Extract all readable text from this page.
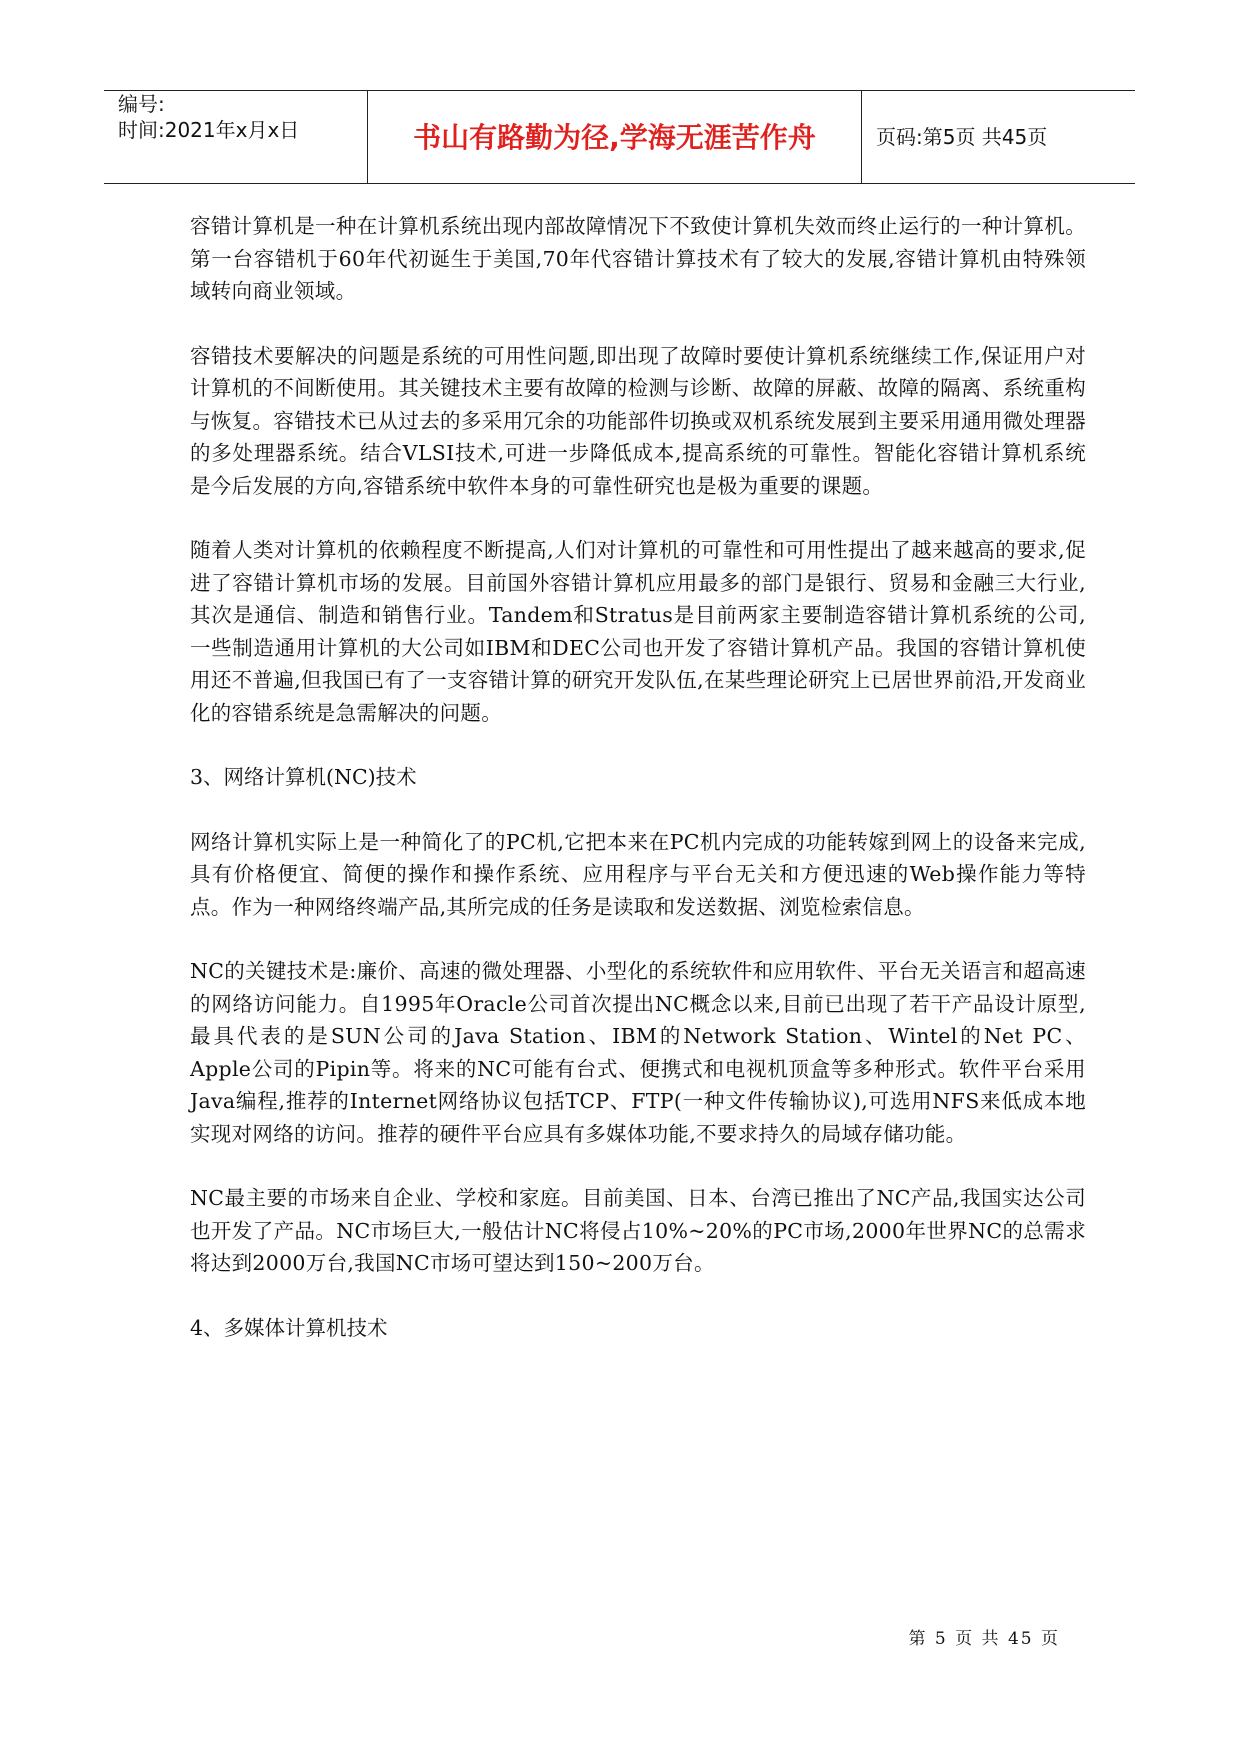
编号:
时间:2021年x月x日	书山有路勤为径,学海无涯苦作舟	页码:第5页 共45页

容错计算机是一种在计算机系统出现内部故障情况下不致使计算机失效而终止运行的一种计算机。第一台容错机于60年代初诞生于美国,70年代容错计算技术有了较大的发展,容错计算机由特殊领域转向商业领域。

容错技术要解决的问题是系统的可用性问题,即出现了故障时要使计算机系统继续工作,保证用户对计算机的不间断使用。其关键技术主要有故障的检测与诊断、故障的屏蔽、故障的隔离、系统重构与恢复。容错技术已从过去的多采用冗余的功能部件切换或双机系统发展到主要采用通用微处理器的多处理器系统。结合VLSI技术,可进一步降低成本,提高系统的可靠性。智能化容错计算机系统是今后发展的方向,容错系统中软件本身的可靠性研究也是极为重要的课题。

随着人类对计算机的依赖程度不断提高,人们对计算机的可靠性和可用性提出了越来越高的要求,促进了容错计算机市场的发展。目前国外容错计算机应用最多的部门是银行、贸易和金融三大行业,其次是通信、制造和销售行业。Tandem和Stratus是目前两家主要制造容错计算机系统的公司,一些制造通用计算机的大公司如IBM和DEC公司也开发了容错计算机产品。我国的容错计算机使用还不普遍,但我国已有了一支容错计算的研究开发队伍,在某些理论研究上已居世界前沿,开发商业化的容错系统是急需解决的问题。

3、网络计算机(NC)技术

网络计算机实际上是一种简化了的PC机,它把本来在PC机内完成的功能转嫁到网上的设备来完成,具有价格便宜、简便的操作和操作系统、应用程序与平台无关和方便迅速的Web操作能力等特点。作为一种网络终端产品,其所完成的任务是读取和发送数据、浏览检索信息。

NC的关键技术是:廉价、高速的微处理器、小型化的系统软件和应用软件、平台无关语言和超高速的网络访问能力。自1995年Oracle公司首次提出NC概念以来,目前已出现了若干产品设计原型,最具代表的是SUN公司的Java Station、IBM的Network Station、Wintel的Net PC、Apple公司的Pipin等。将来的NC可能有台式、便携式和电视机顶盒等多种形式。软件平台采用Java编程,推荐的Internet网络协议包括TCP、FTP(一种文件传输协议),可选用NFS来低成本地实现对网络的访问。推荐的硬件平台应具有多媒体功能,不要求持久的局域存储功能。

NC最主要的市场来自企业、学校和家庭。目前美国、日本、台湾已推出了NC产品,我国实达公司也开发了产品。NC市场巨大,一般估计NC将侵占10%~20%的PC市场,2000年世界NC的总需求将达到2000万台,我国NC市场可望达到150~200万台。

4、多媒体计算机技术

第 5 页 共 45 页
